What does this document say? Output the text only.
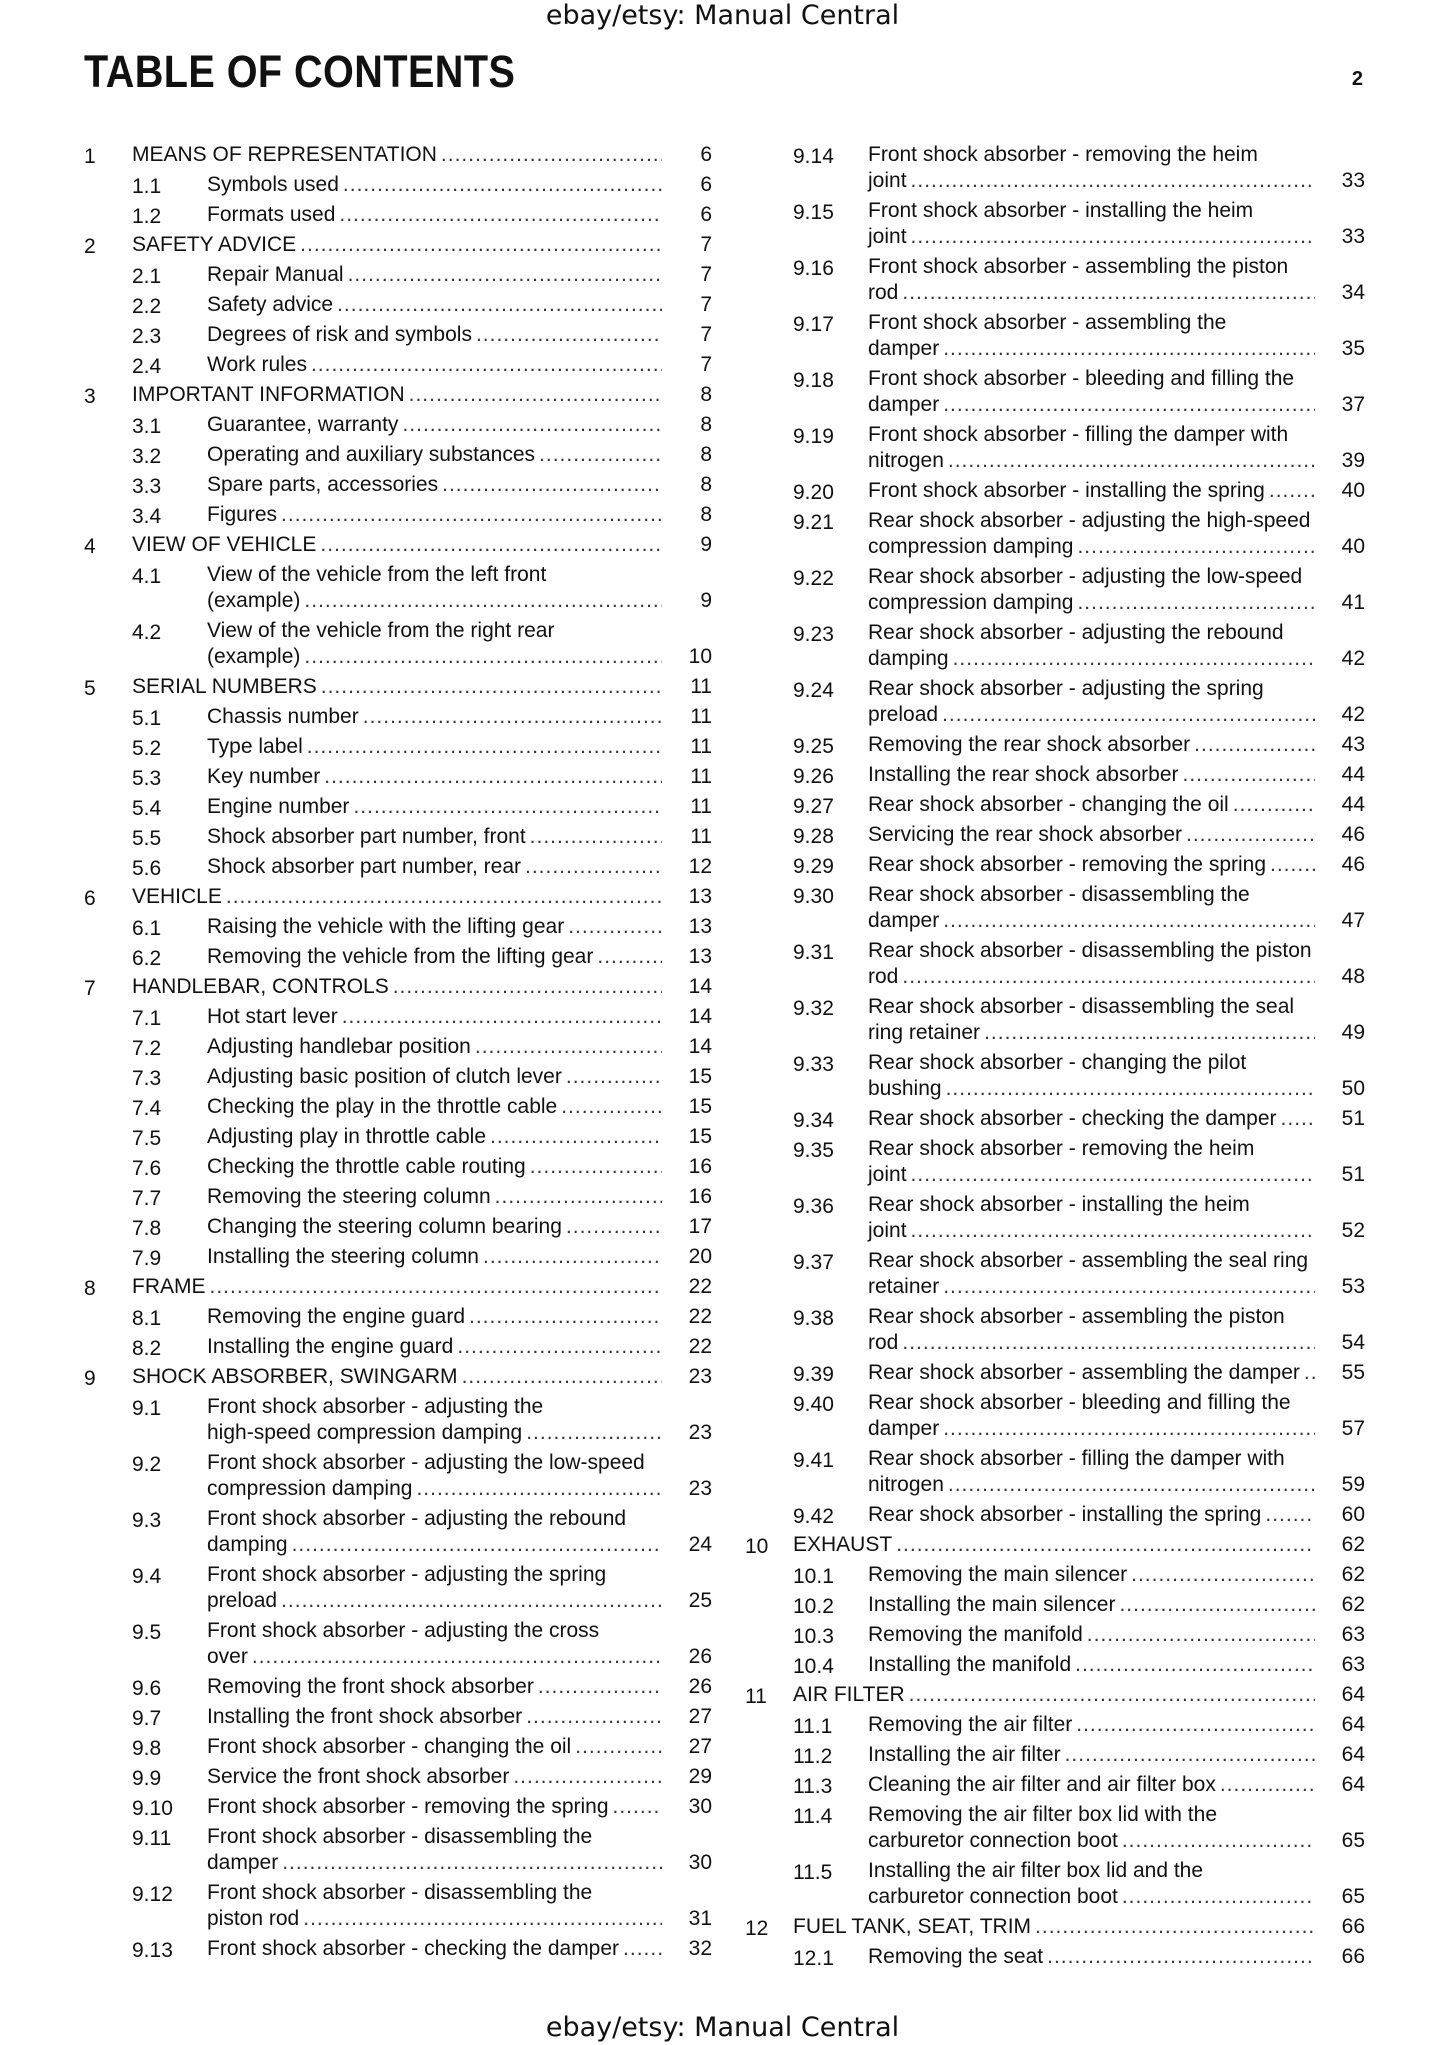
ebay/etsy: Manual Central
TABLE OF CONTENTS	2
1 MEANS OF REPRESENTATION .....	6
1.1 Symbols used .....	6
1.2 Formats used .....	6
2 SAFETY ADVICE .....	7
2.1 Repair Manual .....	7
2.2 Safety advice .....	7
2.3 Degrees of risk and symbols .....	7
2.4 Work rules .....	7
3 IMPORTANT INFORMATION .....	8
3.1 Guarantee, warranty .....	8
3.2 Operating and auxiliary substances .....	8
3.3 Spare parts, accessories .....	8
3.4 Figures .....	8
4 VIEW OF VEHICLE .....	9
4.1 View of the vehicle from the left front
(example) .....	9
4.2 View of the vehicle from the right rear
(example) .....	10
5 SERIAL NUMBERS .....	11
5.1 Chassis number .....	11
5.2 Type label .....	11
5.3 Key number .....	11
5.4 Engine number .....	11
5.5 Shock absorber part number, front .....	11
5.6 Shock absorber part number, rear .....	12
6 VEHICLE .....	13
6.1 Raising the vehicle with the lifting gear .....	13
6.2 Removing the vehicle from the lifting gear .....	13
7 HANDLEBAR, CONTROLS .....	14
7.1 Hot start lever .....	14
7.2 Adjusting handlebar position .....	14
7.3 Adjusting basic position of clutch lever .....	15
7.4 Checking the play in the throttle cable .....	15
7.5 Adjusting play in throttle cable .....	15
7.6 Checking the throttle cable routing .....	16
7.7 Removing the steering column .....	16
7.8 Changing the steering column bearing .....	17
7.9 Installing the steering column .....	20
8 FRAME .....	22
8.1 Removing the engine guard .....	22
8.2 Installing the engine guard .....	22
9 SHOCK ABSORBER, SWINGARM .....	23
9.1 Front shock absorber - adjusting the
high-speed compression damping .....	23
9.2 Front shock absorber - adjusting the low-speed
compression damping .....	23
9.3 Front shock absorber - adjusting the rebound
damping .....	24
9.4 Front shock absorber - adjusting the spring
preload .....	25
9.5 Front shock absorber - adjusting the cross
over .....	26
9.6 Removing the front shock absorber .....	26
9.7 Installing the front shock absorber .....	27
9.8 Front shock absorber - changing the oil .....	27
9.9 Service the front shock absorber .....	29
9.10 Front shock absorber - removing the spring .....	30
9.11 Front shock absorber - disassembling the
damper .....	30
9.12 Front shock absorber - disassembling the
piston rod .....	31
9.13 Front shock absorber - checking the damper .....	32
9.14 Front shock absorber - removing the heim
joint .....	33
9.15 Front shock absorber - installing the heim
joint .....	33
9.16 Front shock absorber - assembling the piston
rod .....	34
9.17 Front shock absorber - assembling the
damper .....	35
9.18 Front shock absorber - bleeding and filling the
damper .....	37
9.19 Front shock absorber - filling the damper with
nitrogen .....	39
9.20 Front shock absorber - installing the spring .....	40
9.21 Rear shock absorber - adjusting the high-speed
compression damping .....	40
9.22 Rear shock absorber - adjusting the low-speed
compression damping .....	41
9.23 Rear shock absorber - adjusting the rebound
damping .....	42
9.24 Rear shock absorber - adjusting the spring
preload .....	42
9.25 Removing the rear shock absorber .....	43
9.26 Installing the rear shock absorber .....	44
9.27 Rear shock absorber - changing the oil .....	44
9.28 Servicing the rear shock absorber .....	46
9.29 Rear shock absorber - removing the spring .....	46
9.30 Rear shock absorber - disassembling the
damper .....	47
9.31 Rear shock absorber - disassembling the piston
rod .....	48
9.32 Rear shock absorber - disassembling the seal
ring retainer .....	49
9.33 Rear shock absorber - changing the pilot
bushing .....	50
9.34 Rear shock absorber - checking the damper .....	51
9.35 Rear shock absorber - removing the heim
joint .....	51
9.36 Rear shock absorber - installing the heim
joint .....	52
9.37 Rear shock absorber - assembling the seal ring
retainer .....	53
9.38 Rear shock absorber - assembling the piston
rod .....	54
9.39 Rear shock absorber - assembling the damper .....	55
9.40 Rear shock absorber - bleeding and filling the
damper .....	57
9.41 Rear shock absorber - filling the damper with
nitrogen .....	59
9.42 Rear shock absorber - installing the spring .....	60
10 EXHAUST .....	62
10.1 Removing the main silencer .....	62
10.2 Installing the main silencer .....	62
10.3 Removing the manifold .....	63
10.4 Installing the manifold .....	63
11 AIR FILTER .....	64
11.1 Removing the air filter .....	64
11.2 Installing the air filter .....	64
11.3 Cleaning the air filter and air filter box .....	64
11.4 Removing the air filter box lid with the
carburetor connection boot .....	65
11.5 Installing the air filter box lid and the
carburetor connection boot .....	65
12 FUEL TANK, SEAT, TRIM .....	66
12.1 Removing the seat .....	66
ebay/etsy: Manual Central
